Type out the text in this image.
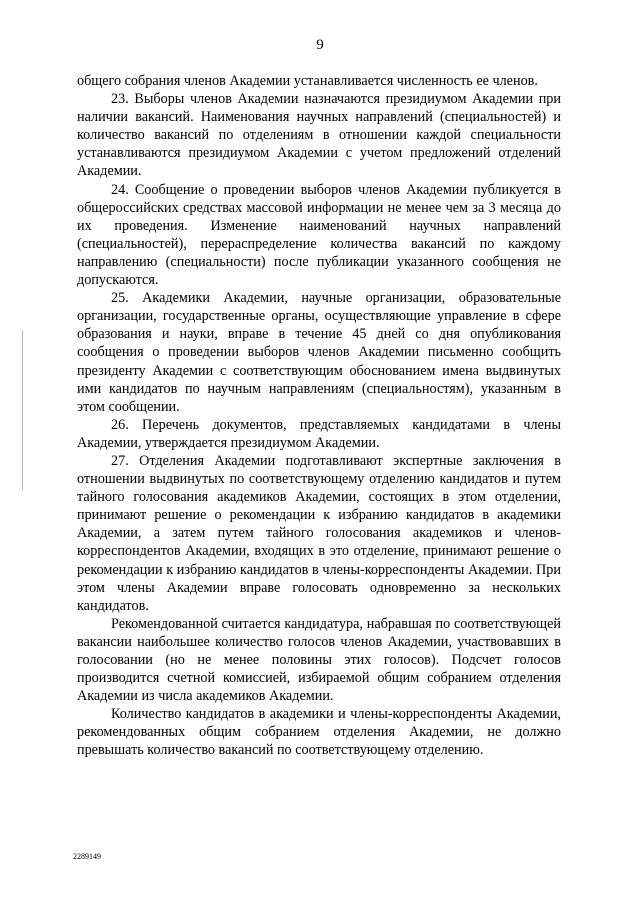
9

общего собрания членов Академии устанавливается численность ее членов.

23. Выборы членов Академии назначаются президиумом Академии при наличии вакансий. Наименования научных направлений (специальностей) и количество вакансий по отделениям в отношении каждой специальности устанавливаются президиумом Академии с учетом предложений отделений Академии.

24. Сообщение о проведении выборов членов Академии публикуется в общероссийских средствах массовой информации не менее чем за 3 месяца до их проведения. Изменение наименований научных направлений (специальностей), перераспределение количества вакансий по каждому направлению (специальности) после публикации указанного сообщения не допускаются.

25. Академики Академии, научные организации, образовательные организации, государственные органы, осуществляющие управление в сфере образования и науки, вправе в течение 45 дней со дня опубликования сообщения о проведении выборов членов Академии письменно сообщить президенту Академии с соответствующим обоснованием имена выдвинутых ими кандидатов по научным направлениям (специальностям), указанным в этом сообщении.

26. Перечень документов, представляемых кандидатами в члены Академии, утверждается президиумом Академии.

27. Отделения Академии подготавливают экспертные заключения в отношении выдвинутых по соответствующему отделению кандидатов и путем тайного голосования академиков Академии, состоящих в этом отделении, принимают решение о рекомендации к избранию кандидатов в академики Академии, а затем путем тайного голосования академиков и членов-корреспондентов Академии, входящих в это отделение, принимают решение о рекомендации к избранию кандидатов в члены-корреспонденты Академии. При этом члены Академии вправе голосовать одновременно за нескольких кандидатов.

Рекомендованной считается кандидатура, набравшая по соответствующей вакансии наибольшее количество голосов членов Академии, участвовавших в голосовании (но не менее половины этих голосов). Подсчет голосов производится счетной комиссией, избираемой общим собранием отделения Академии из числа академиков Академии.

Количество кандидатов в академики и члены-корреспонденты Академии, рекомендованных общим собранием отделения Академии, не должно превышать количество вакансий по соответствующему отделению.

2289149
